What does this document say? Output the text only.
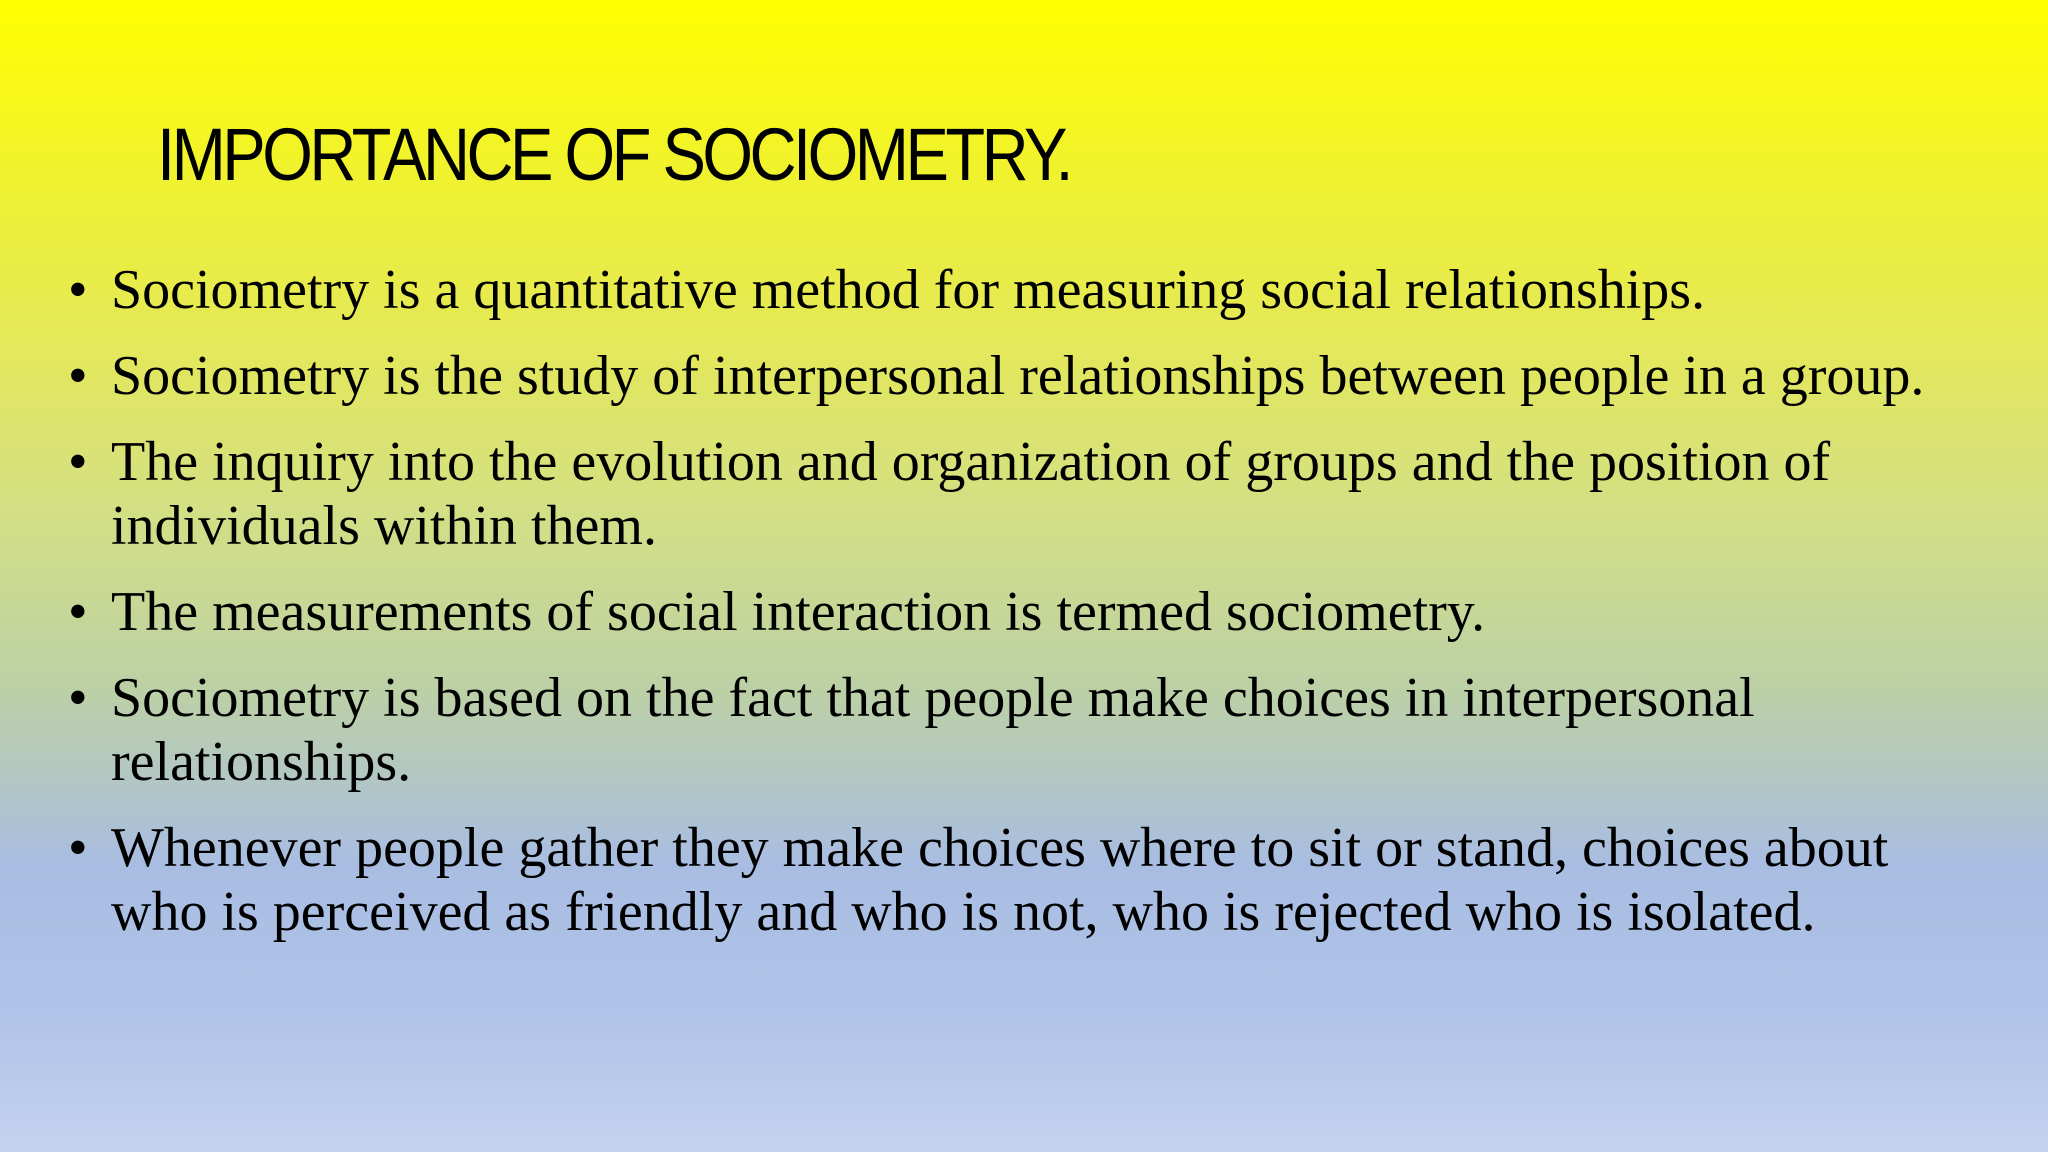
IMPORTANCE OF SOCIOMETRY.
• Sociometry is a quantitative method for measuring social relationships.
• Sociometry is the study of interpersonal relationships between people in a group.
• The inquiry into the evolution and organization of groups and the position of individuals within them.
• The measurements of social interaction is termed sociometry.
• Sociometry is based on the fact that people make choices in interpersonal relationships.
• Whenever people gather they make choices where to sit or stand, choices about who is perceived as friendly and who is not, who is rejected who is isolated.
